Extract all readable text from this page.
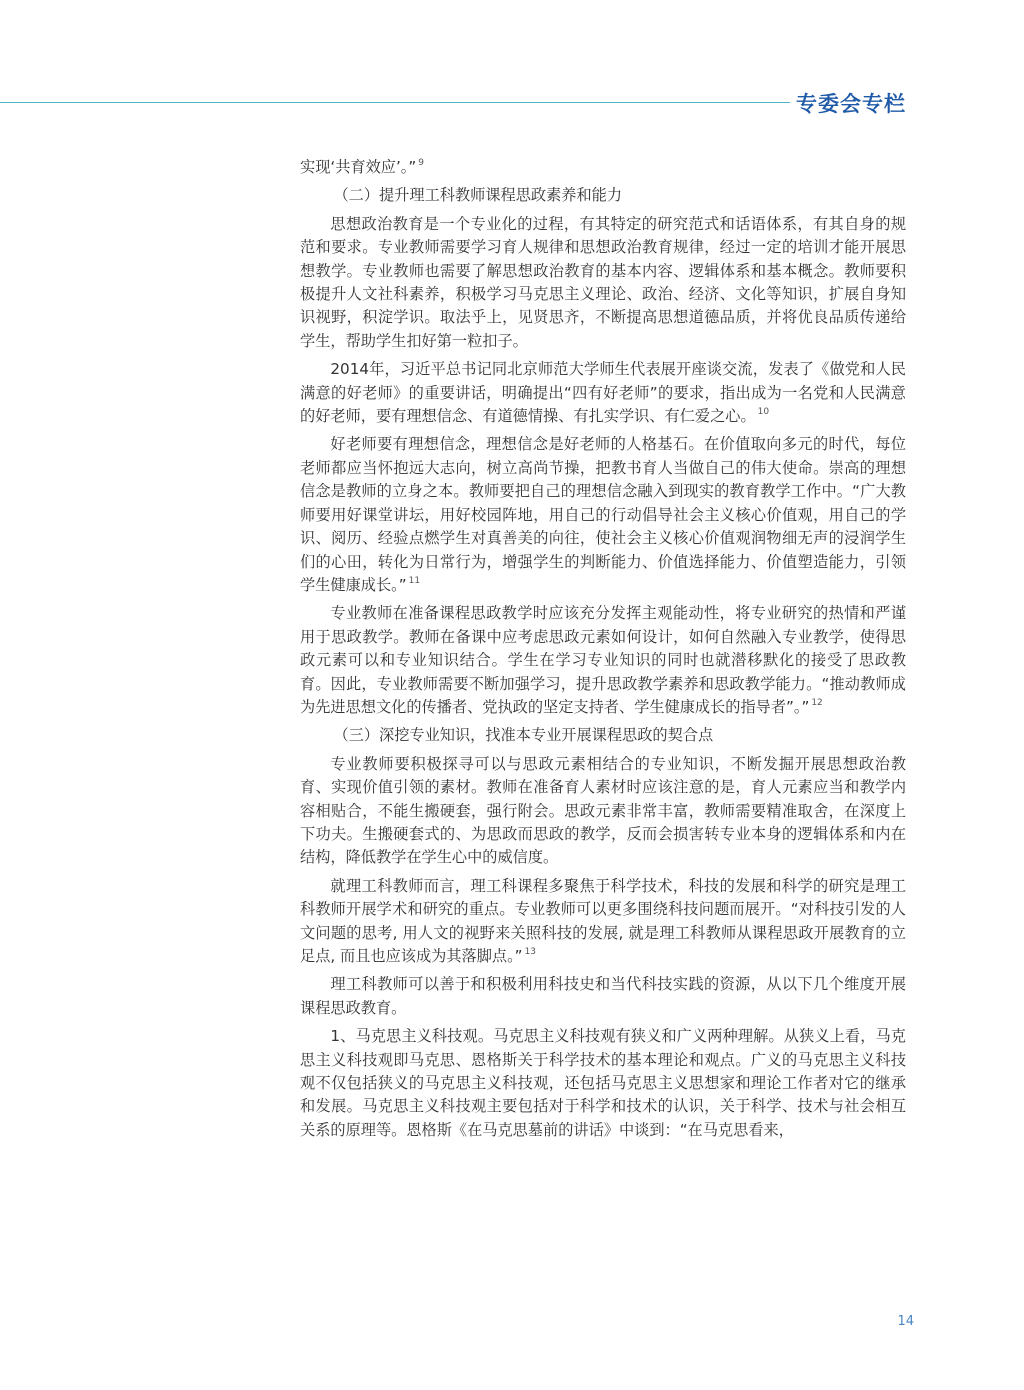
专委会专栏

实现‘共育效应’。” $^9$

（二）提升理工科教师课程思政素养和能力

思想政治教育是一个专业化的过程，有其特定的研究范式和话语体系，有其自身的规范和要求。专业教师需要学习育人规律和思想政治教育规律，经过一定的培训才能开展思想教学。专业教师也需要了解思想政治教育的基本内容、逻辑体系和基本概念。教师要积极提升人文社科素养，积极学习马克思主义理论、政治、经济、文化等知识，扩展自身知识视野，积淀学识。取法乎上，见贤思齐，不断提高思想道德品质，并将优良品质传递给学生，帮助学生扣好第一粒扣子。

2014年，习近平总书记同北京师范大学师生代表展开座谈交流，发表了《做党和人民满意的好老师》的重要讲话，明确提出“四有好老师”的要求，指出成为一名党和人民满意的好老师，要有理想信念、有道德情操、有扎实学识、有仁爱之心。 $^{10}$

好老师要有理想信念，理想信念是好老师的人格基石。在价值取向多元的时代，每位老师都应当怀抱远大志向，树立高尚节操，把教书育人当做自己的伟大使命。崇高的理想信念是教师的立身之本。教师要把自己的理想信念融入到现实的教育教学工作中。“广大教师要用好课堂讲坛，用好校园阵地，用自己的行动倡导社会主义核心价值观，用自己的学识、阅历、经验点燃学生对真善美的向往，使社会主义核心价值观润物细无声的浸润学生们的心田，转化为日常行为，增强学生的判断能力、价值选择能力、价值塑造能力，引领学生健康成长。” $^{11}$

专业教师在准备课程思政教学时应该充分发挥主观能动性，将专业研究的热情和严谨用于思政教学。教师在备课中应考虑思政元素如何设计，如何自然融入专业教学，使得思政元素可以和专业知识结合。学生在学习专业知识的同时也就潜移默化的接受了思政教育。因此，专业教师需要不断加强学习，提升思政教学素养和思政教学能力。“推动教师成为先进思想文化的传播者、党执政的坚定支持者、学生健康成长的指导者”。” $^{12}$

（三）深挖专业知识，找准本专业开展课程思政的契合点

专业教师要积极探寻可以与思政元素相结合的专业知识，不断发掘开展思想政治教育、实现价值引领的素材。教师在准备育人素材时应该注意的是，育人元素应当和教学内容相贴合，不能生搬硬套，强行附会。思政元素非常丰富，教师需要精准取舍，在深度上下功夫。生搬硬套式的、为思政而思政的教学，反而会损害转专业本身的逻辑体系和内在结构，降低教学在学生心中的威信度。

就理工科教师而言，理工科课程多聚焦于科学技术，科技的发展和科学的研究是理工科教师开展学术和研究的重点。专业教师可以更多围绕科技问题而展开。“对科技引发的人文问题的思考, 用人文的视野来关照科技的发展, 就是理工科教师从课程思政开展教育的立足点, 而且也应该成为其落脚点。” $^{13}$

理工科教师可以善于和积极利用科技史和当代科技实践的资源，从以下几个维度开展课程思政教育。

1、马克思主义科技观。马克思主义科技观有狭义和广义两种理解。从狭义上看，马克思主义科技观即马克思、恩格斯关于科学技术的基本理论和观点。广义的马克思主义科技观不仅包括狭义的马克思主义科技观，还包括马克思主义思想家和理论工作者对它的继承和发展。马克思主义科技观主要包括对于科学和技术的认识，关于科学、技术与社会相互关系的原理等。恩格斯《在马克思墓前的讲话》中谈到：“在马克思看来，

14
